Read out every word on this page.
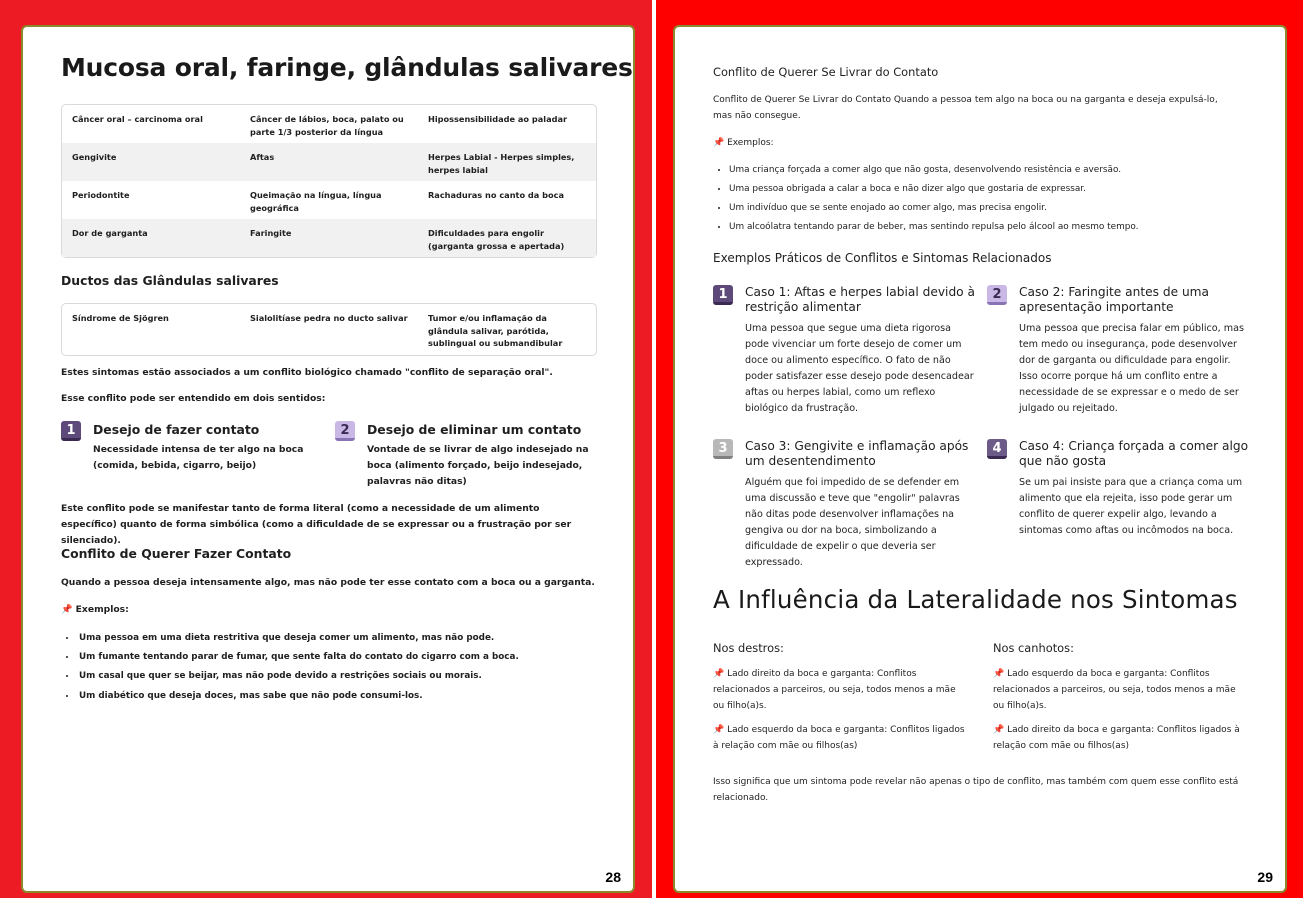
Mucosa oral, faringe, glândulas salivares
Câncer oral – carcinoma oral	Câncer de lábios, boca, palato ou parte 1/3 posterior da língua	Hipossensibilidade ao paladar
Gengivite	Aftas	Herpes Labial - Herpes simples, herpes labial
Periodontite	Queimação na língua, língua geográfica	Rachaduras no canto da boca
Dor de garganta	Faringite	Dificuldades para engolir (garganta grossa e apertada)
Ductos das Glândulas salivares
Síndrome de Sjögren	Sialolitíase pedra no ducto salivar	Tumor e/ou inflamação da glândula salivar, parótida, sublingual ou submandibular
Estes sintomas estão associados a um conflito biológico chamado "conflito de separação oral".
Esse conflito pode ser entendido em dois sentidos:
1 Desejo de fazer contato
Necessidade intensa de ter algo na boca (comida, bebida, cigarro, beijo)
2 Desejo de eliminar um contato
Vontade de se livrar de algo indesejado na boca (alimento forçado, beijo indesejado, palavras não ditas)
Este conflito pode se manifestar tanto de forma literal (como a necessidade de um alimento específico) quanto de forma simbólica (como a dificuldade de se expressar ou a frustração por ser silenciado).
Conflito de Querer Fazer Contato
Quando a pessoa deseja intensamente algo, mas não pode ter esse contato com a boca ou a garganta.
📌 Exemplos:
• Uma pessoa em uma dieta restritiva que deseja comer um alimento, mas não pode.
• Um fumante tentando parar de fumar, que sente falta do contato do cigarro com a boca.
• Um casal que quer se beijar, mas não pode devido a restrições sociais ou morais.
• Um diabético que deseja doces, mas sabe que não pode consumi-los.
28
Conflito de Querer Se Livrar do Contato
Conflito de Querer Se Livrar do Contato Quando a pessoa tem algo na boca ou na garganta e deseja expulsá-lo, mas não consegue.
📌 Exemplos:
• Uma criança forçada a comer algo que não gosta, desenvolvendo resistência e aversão.
• Uma pessoa obrigada a calar a boca e não dizer algo que gostaria de expressar.
• Um indivíduo que se sente enojado ao comer algo, mas precisa engolir.
• Um alcoólatra tentando parar de beber, mas sentindo repulsa pelo álcool ao mesmo tempo.
Exemplos Práticos de Conflitos e Sintomas Relacionados
1 Caso 1: Aftas e herpes labial devido à restrição alimentar
Uma pessoa que segue uma dieta rigorosa pode vivenciar um forte desejo de comer um doce ou alimento específico. O fato de não poder satisfazer esse desejo pode desencadear aftas ou herpes labial, como um reflexo biológico da frustração.
2 Caso 2: Faringite antes de uma apresentação importante
Uma pessoa que precisa falar em público, mas tem medo ou insegurança, pode desenvolver dor de garganta ou dificuldade para engolir. Isso ocorre porque há um conflito entre a necessidade de se expressar e o medo de ser julgado ou rejeitado.
3 Caso 3: Gengivite e inflamação após um desentendimento
Alguém que foi impedido de se defender em uma discussão e teve que "engolir" palavras não ditas pode desenvolver inflamações na gengiva ou dor na boca, simbolizando a dificuldade de expelir o que deveria ser expressado.
4 Caso 4: Criança forçada a comer algo que não gosta
Se um pai insiste para que a criança coma um alimento que ela rejeita, isso pode gerar um conflito de querer expelir algo, levando a sintomas como aftas ou incômodos na boca.
A Influência da Lateralidade nos Sintomas
Nos destros:
📌 Lado direito da boca e garganta: Conflitos relacionados a parceiros, ou seja, todos menos a mãe ou filho(a)s.
📌 Lado esquerdo da boca e garganta: Conflitos ligados à relação com mãe ou filhos(as)
Nos canhotos:
📌 Lado esquerdo da boca e garganta: Conflitos relacionados a parceiros, ou seja, todos menos a mãe ou filho(a)s.
📌 Lado direito da boca e garganta: Conflitos ligados à relação com mãe ou filhos(as)
Isso significa que um sintoma pode revelar não apenas o tipo de conflito, mas também com quem esse conflito está relacionado.
29
